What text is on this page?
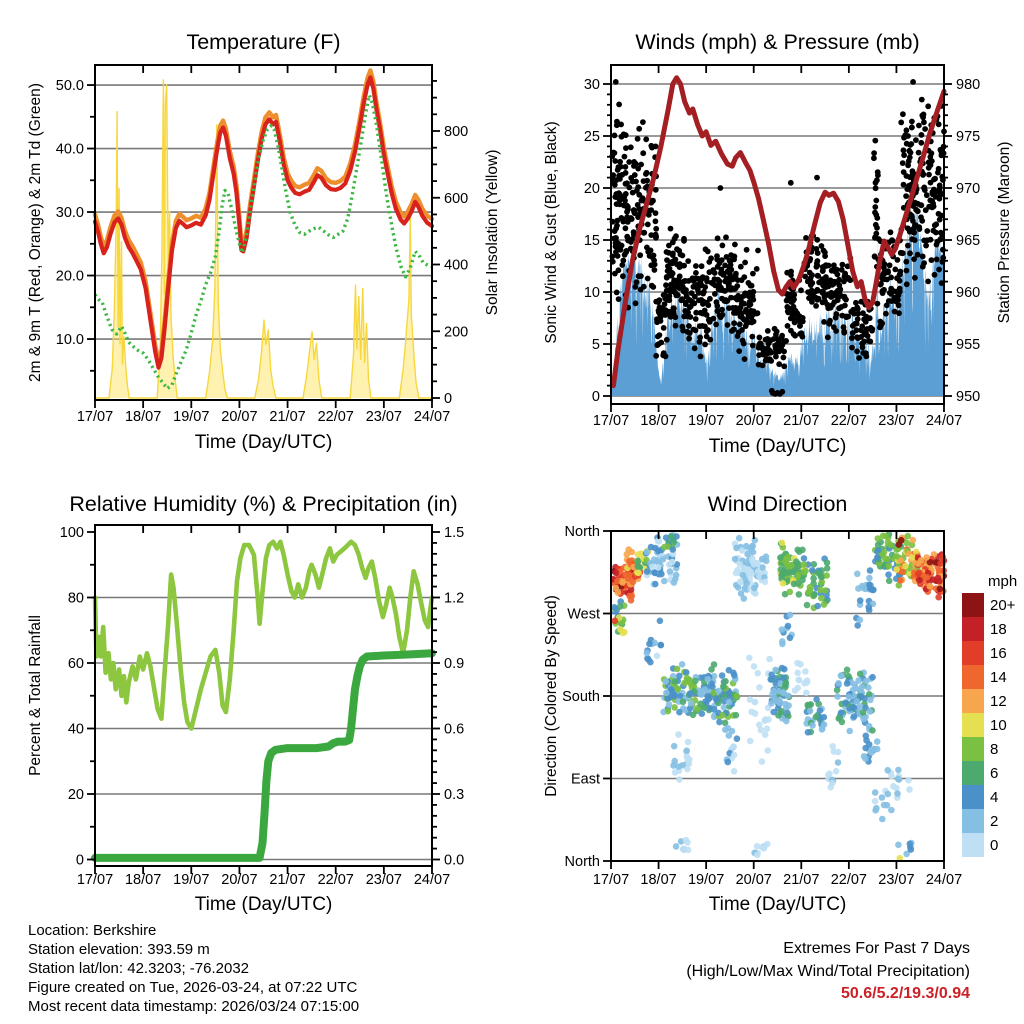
50.0
40.0
30.0
20.0
10.0
800
600
400
200
0
17/07 18/07 19/07 20/07 21/07 22/07 23/07 24/07
Time (Day/UTC)
Temperature (F)
2m & 9m T (Red, Orange) & 2m Td (Green)	Solar Insolation (Yellow)
30
25
20
15
10
5
0
980
975
970
965
960
955
950
17/07 18/07 19/07 20/07 21/07 22/07 23/07 24/07
Time (Day/UTC)
Winds (mph) & Pressure (mb)
Sonic Wind & Gust (Blue, Black)	Station Pressure (Maroon)
100
80
60
40
20
0
1.5
1.2
0.9
0.6
0.3
0.0
17/07 18/07 19/07 20/07 21/07 22/07 23/07 24/07
Time (Day/UTC)
Relative Humidity (%) & Precipitation (in)
Percent & Total Rainfall
North
West
South
East
North
17/07 18/07 19/07 20/07 21/07 22/07 23/07 24/07
Time (Day/UTC)
Wind Direction
Direction (Colored By Speed)
mph
20+
18
16
14
12
10
8
6
4
2
0
Location: Berkshire
Station elevation: 393.59 m
Station lat/lon: 42.3203; -76.2032
Figure created on Tue, 2026-03-24, at 07:22 UTC
Most recent data timestamp: 2026/03/24 07:15:00
Extremes For Past 7 Days
(High/Low/Max Wind/Total Precipitation)
50.6/5.2/19.3/0.94
